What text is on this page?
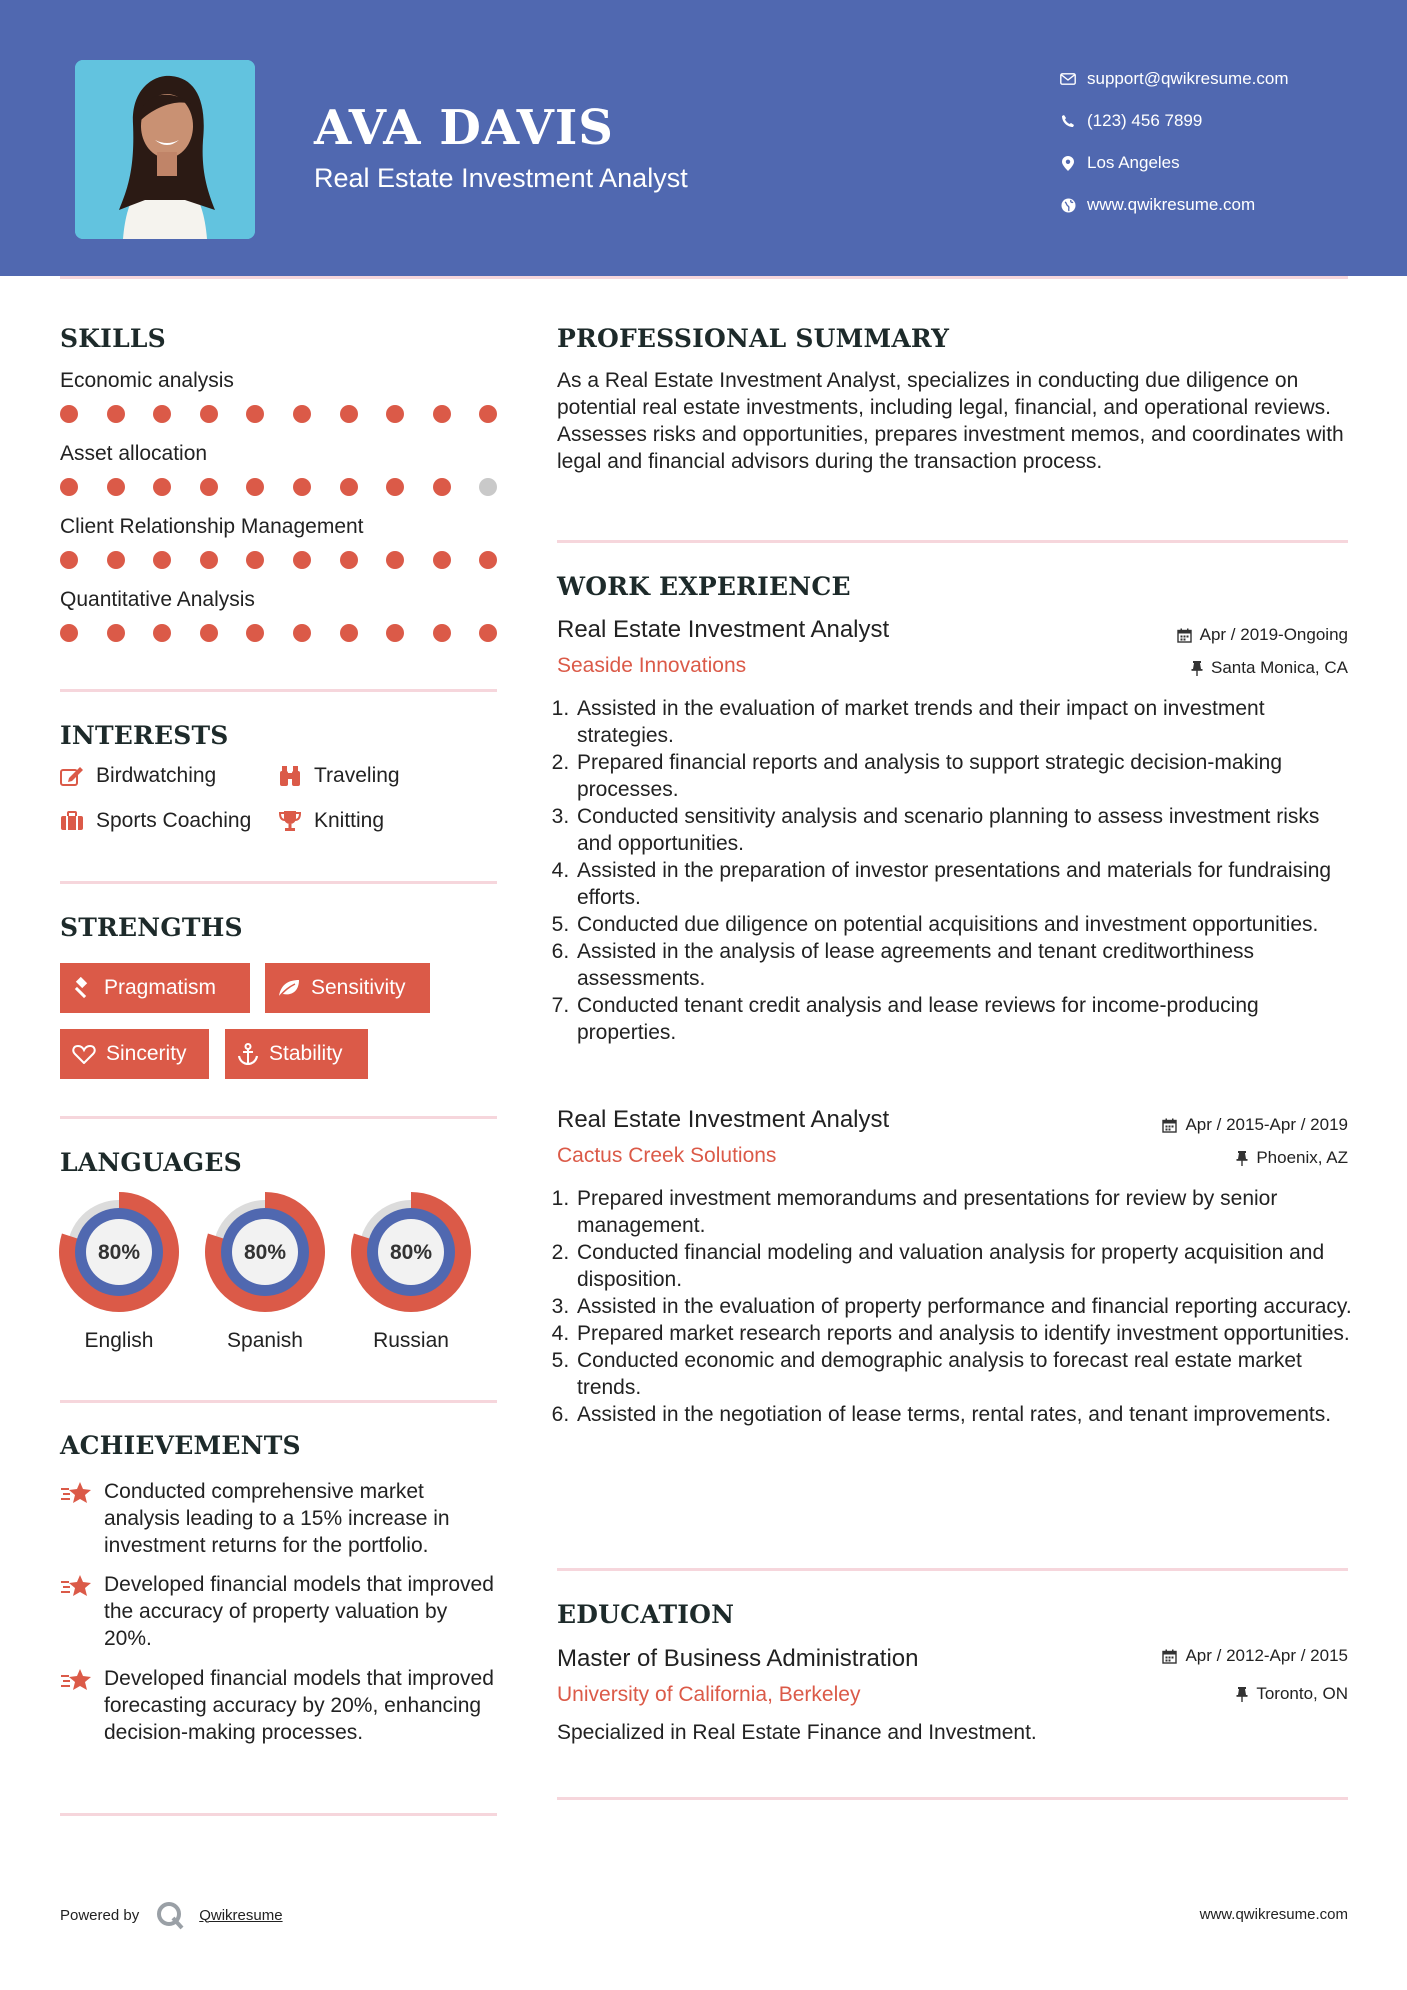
AVA DAVIS
Real Estate Investment Analyst
support@qwikresume.com
(123) 456 7899
Los Angeles
www.qwikresume.com
SKILLS
Economic analysis
Asset allocation
Client Relationship Management
Quantitative Analysis
INTERESTS
Birdwatching	Traveling
Sports Coaching	Knitting
STRENGTHS
Pragmatism	Sensitivity
Sincerity	Stability
LANGUAGES
80%
English
80%
Spanish
80%
Russian
ACHIEVEMENTS
Conducted comprehensive market analysis leading to a 15% increase in investment returns for the portfolio.
Developed financial models that improved the accuracy of property valuation by 20%.
Developed financial models that improved forecasting accuracy by 20%, enhancing decision-making processes.
PROFESSIONAL SUMMARY
As a Real Estate Investment Analyst, specializes in conducting due diligence on potential real estate investments, including legal, financial, and operational reviews. Assesses risks and opportunities, prepares investment memos, and coordinates with legal and financial advisors during the transaction process.
WORK EXPERIENCE
Real Estate Investment Analyst	Apr / 2019-Ongoing
Seaside Innovations	Santa Monica, CA
1. Assisted in the evaluation of market trends and their impact on investment strategies.
2. Prepared financial reports and analysis to support strategic decision-making processes.
3. Conducted sensitivity analysis and scenario planning to assess investment risks and opportunities.
4. Assisted in the preparation of investor presentations and materials for fundraising efforts.
5. Conducted due diligence on potential acquisitions and investment opportunities.
6. Assisted in the analysis of lease agreements and tenant creditworthiness assessments.
7. Conducted tenant credit analysis and lease reviews for income-producing properties.
Real Estate Investment Analyst	Apr / 2015-Apr / 2019
Cactus Creek Solutions	Phoenix, AZ
1. Prepared investment memorandums and presentations for review by senior management.
2. Conducted financial modeling and valuation analysis for property acquisition and disposition.
3. Assisted in the evaluation of property performance and financial reporting accuracy.
4. Prepared market research reports and analysis to identify investment opportunities.
5. Conducted economic and demographic analysis to forecast real estate market trends.
6. Assisted in the negotiation of lease terms, rental rates, and tenant improvements.
EDUCATION
Master of Business Administration	Apr / 2012-Apr / 2015
University of California, Berkeley	Toronto, ON
Specialized in Real Estate Finance and Investment.
Powered by	Qwikresume	www.qwikresume.com
